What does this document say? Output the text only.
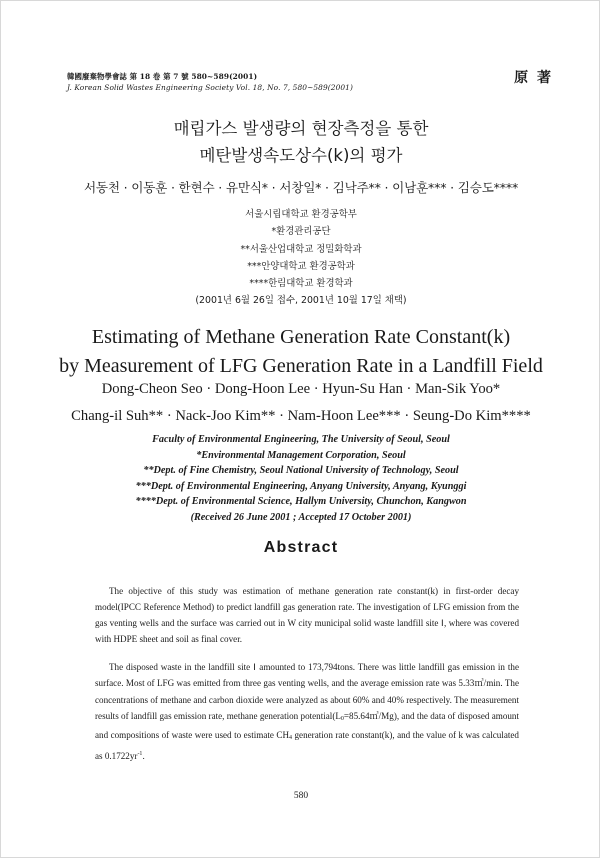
韓國廢棄物學會誌 第 18 卷 第 7 號 580~589(2001)
J. Korean Solid Wastes Engineering Society Vol. 18, No. 7, 580~589(2001)
原 著
매립가스 발생량의 현장측정을 통한
메탄발생속도상수(k)의 평가
서동천 · 이동훈 · 한현수 · 유만식* · 서창일* · 김낙주** · 이남훈*** · 김승도****
서울시립대학교 환경공학부
*환경관리공단
**서울산업대학교 정밀화학과
***안양대학교 환경공학과
****한림대학교 환경학과
(2001년 6월 26일 접수, 2001년 10월 17일 채택)
Estimating of Methane Generation Rate Constant(k)
by Measurement of LFG Generation Rate in a Landfill Field
Dong-Cheon Seo · Dong-Hoon Lee · Hyun-Su Han · Man-Sik Yoo*
Chang-il Suh** · Nack-Joo Kim** · Nam-Hoon Lee*** · Seung-Do Kim****
Faculty of Environmental Engineering, The University of Seoul, Seoul
*Environmental Management Corporation, Seoul
**Dept. of Fine Chemistry, Seoul National University of Technology, Seoul
***Dept. of Environmental Engineering, Anyang University, Anyang, Kyunggi
****Dept. of Environmental Science, Hallym University, Chunchon, Kangwon
(Received 26 June 2001 ; Accepted 17 October 2001)
Abstract

The objective of this study was estimation of methane generation rate constant(k) in first-order decay model(IPCC Reference Method) to predict landfill gas generation rate. The investigation of LFG emission from the gas venting wells and the surface was carried out in W city municipal solid waste landfill site Ⅰ, where was covered with HDPE sheet and soil as final cover.

The disposed waste in the landfill site Ⅰ amounted to 173,794tons. There was little landfill gas emission in the surface. Most of LFG was emitted from three gas venting wells, and the average emission rate was 5.33㎥/min. The concentrations of methane and carbon dioxide were analyzed as about 60% and 40% respectively. The measurement results of landfill gas emission rate, methane generation potential(L0=85.64㎥/Mg), and the data of disposed amount and compositions of waste were used to estimate CH4 generation rate constant(k), and the value of k was calculated as $0.1722yr^{-1}$.

580
